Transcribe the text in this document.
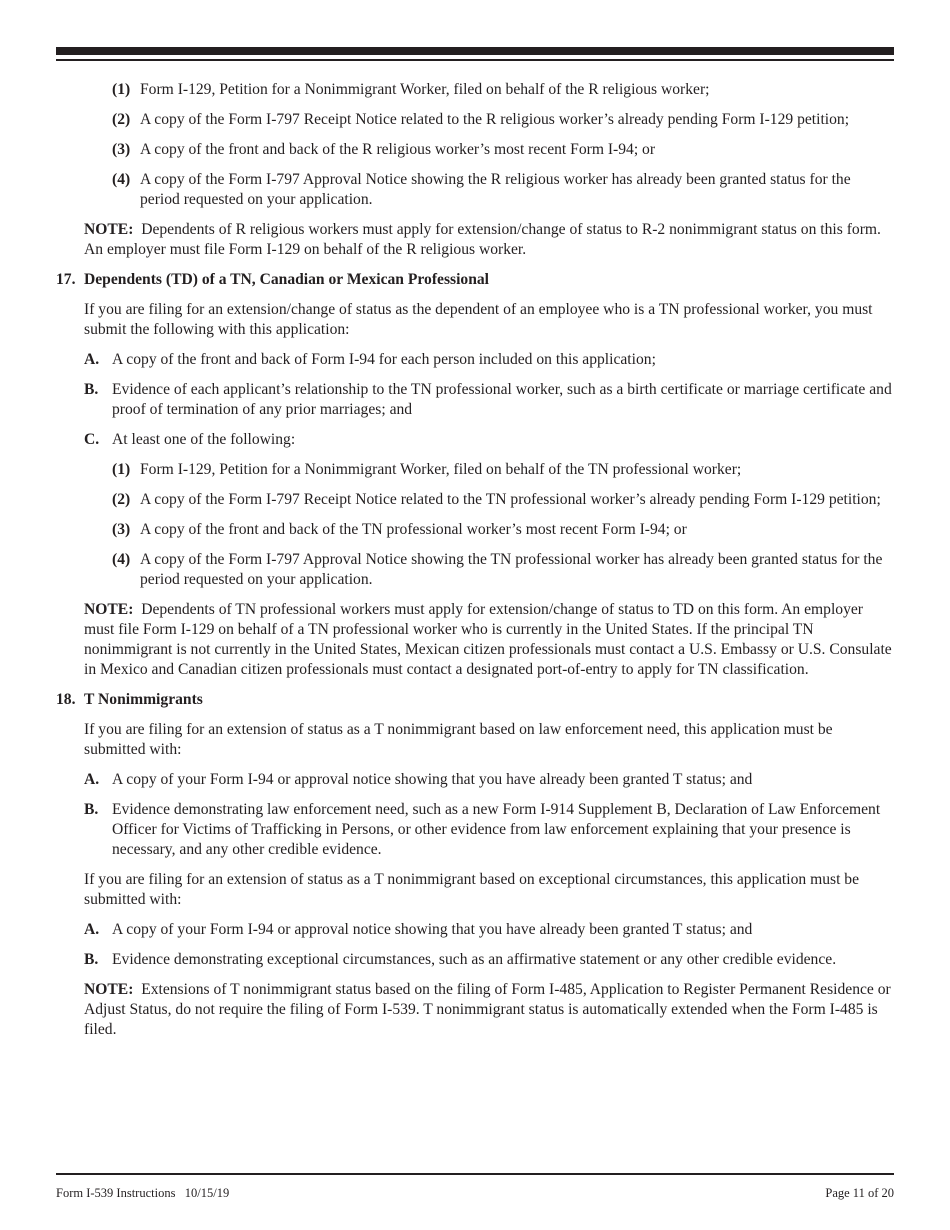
(1) Form I-129, Petition for a Nonimmigrant Worker, filed on behalf of the R religious worker;
(2) A copy of the Form I-797 Receipt Notice related to the R religious worker’s already pending Form I-129 petition;
(3) A copy of the front and back of the R religious worker’s most recent Form I-94; or
(4) A copy of the Form I-797 Approval Notice showing the R religious worker has already been granted status for the period requested on your application.
NOTE: Dependents of R religious workers must apply for extension/change of status to R-2 nonimmigrant status on this form. An employer must file Form I-129 on behalf of the R religious worker.
17. Dependents (TD) of a TN, Canadian or Mexican Professional
If you are filing for an extension/change of status as the dependent of an employee who is a TN professional worker, you must submit the following with this application:
A. A copy of the front and back of Form I-94 for each person included on this application;
B. Evidence of each applicant’s relationship to the TN professional worker, such as a birth certificate or marriage certificate and proof of termination of any prior marriages; and
C. At least one of the following:
(1) Form I-129, Petition for a Nonimmigrant Worker, filed on behalf of the TN professional worker;
(2) A copy of the Form I-797 Receipt Notice related to the TN professional worker’s already pending Form I-129 petition;
(3) A copy of the front and back of the TN professional worker’s most recent Form I-94; or
(4) A copy of the Form I-797 Approval Notice showing the TN professional worker has already been granted status for the period requested on your application.
NOTE: Dependents of TN professional workers must apply for extension/change of status to TD on this form. An employer must file Form I-129 on behalf of a TN professional worker who is currently in the United States. If the principal TN nonimmigrant is not currently in the United States, Mexican citizen professionals must contact a U.S. Embassy or U.S. Consulate in Mexico and Canadian citizen professionals must contact a designated port-of-entry to apply for TN classification.
18. T Nonimmigrants
If you are filing for an extension of status as a T nonimmigrant based on law enforcement need, this application must be submitted with:
A. A copy of your Form I-94 or approval notice showing that you have already been granted T status; and
B. Evidence demonstrating law enforcement need, such as a new Form I-914 Supplement B, Declaration of Law Enforcement Officer for Victims of Trafficking in Persons, or other evidence from law enforcement explaining that your presence is necessary, and any other credible evidence.
If you are filing for an extension of status as a T nonimmigrant based on exceptional circumstances, this application must be submitted with:
A. A copy of your Form I-94 or approval notice showing that you have already been granted T status; and
B. Evidence demonstrating exceptional circumstances, such as an affirmative statement or any other credible evidence.
NOTE: Extensions of T nonimmigrant status based on the filing of Form I-485, Application to Register Permanent Residence or Adjust Status, do not require the filing of Form I-539. T nonimmigrant status is automatically extended when the Form I-485 is filed.
Form I-539 Instructions   10/15/19	Page 11 of 20
